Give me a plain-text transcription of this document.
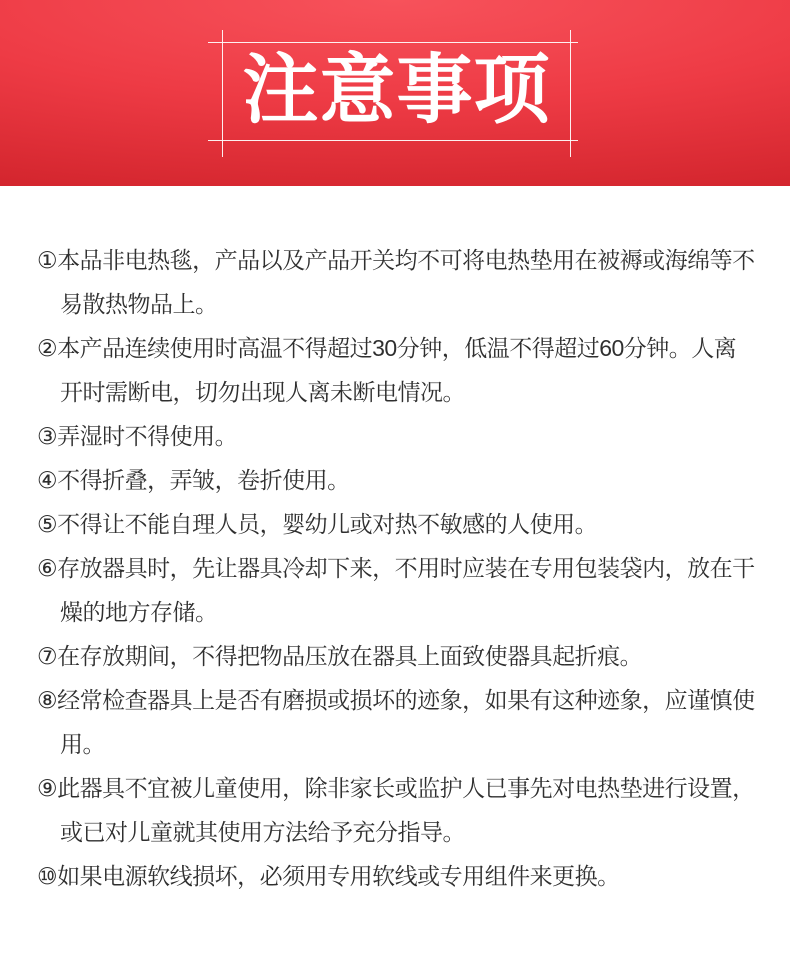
注意事项
①本品非电热毯，产品以及产品开关均不可将电热垫用在被褥或海绵等不
易散热物品上。
②本产品连续使用时高温不得超过30分钟，低温不得超过60分钟。人离
开时需断电，切勿出现人离未断电情况。
③弄湿时不得使用。
④不得折叠，弄皱，卷折使用。
⑤不得让不能自理人员，婴幼儿或对热不敏感的人使用。
⑥存放器具时，先让器具冷却下来，不用时应装在专用包装袋内，放在干
燥的地方存储。
⑦在存放期间，不得把物品压放在器具上面致使器具起折痕。
⑧经常检查器具上是否有磨损或损坏的迹象，如果有这种迹象，应谨慎使
用。
⑨此器具不宜被儿童使用，除非家长或监护人已事先对电热垫进行设置，
或已对儿童就其使用方法给予充分指导。
⑩如果电源软线损坏，必须用专用软线或专用组件来更换。
